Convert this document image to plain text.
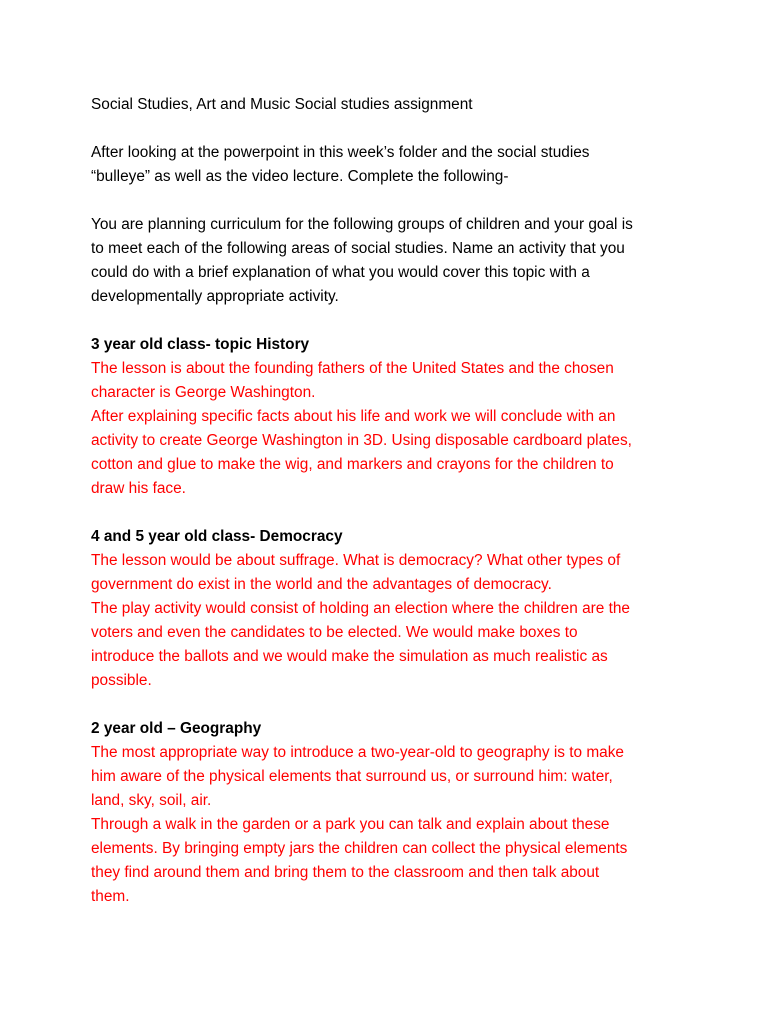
Social Studies, Art and Music Social studies assignment

After looking at the powerpoint in this week’s folder and the social studies

“bulleye” as well as the video lecture. Complete the following-

You are planning curriculum for the following groups of children and your goal is

to meet each of the following areas of social studies. Name an activity that you

could do with a brief explanation of what you would cover this topic with a

developmentally appropriate activity.

3 year old class- topic History

The lesson is about the founding fathers of the United States and the chosen

character is George Washington.

After explaining specific facts about his life and work we will conclude with an

activity to create George Washington in 3D. Using disposable cardboard plates,

cotton and glue to make the wig, and markers and crayons for the children to

draw his face.

4 and 5 year old class- Democracy

The lesson would be about suffrage. What is democracy? What other types of

government do exist in the world and the advantages of democracy.

The play activity would consist of holding an election where the children are the

voters and even the candidates to be elected. We would make boxes to

introduce the ballots and we would make the simulation as much realistic as

possible.

2 year old – Geography

The most appropriate way to introduce a two-year-old to geography is to make

him aware of the physical elements that surround us, or surround him: water,

land, sky, soil, air.

Through a walk in the garden or a park you can talk and explain about these

elements. By bringing empty jars the children can collect the physical elements

they find around them and bring them to the classroom and then talk about

them.
